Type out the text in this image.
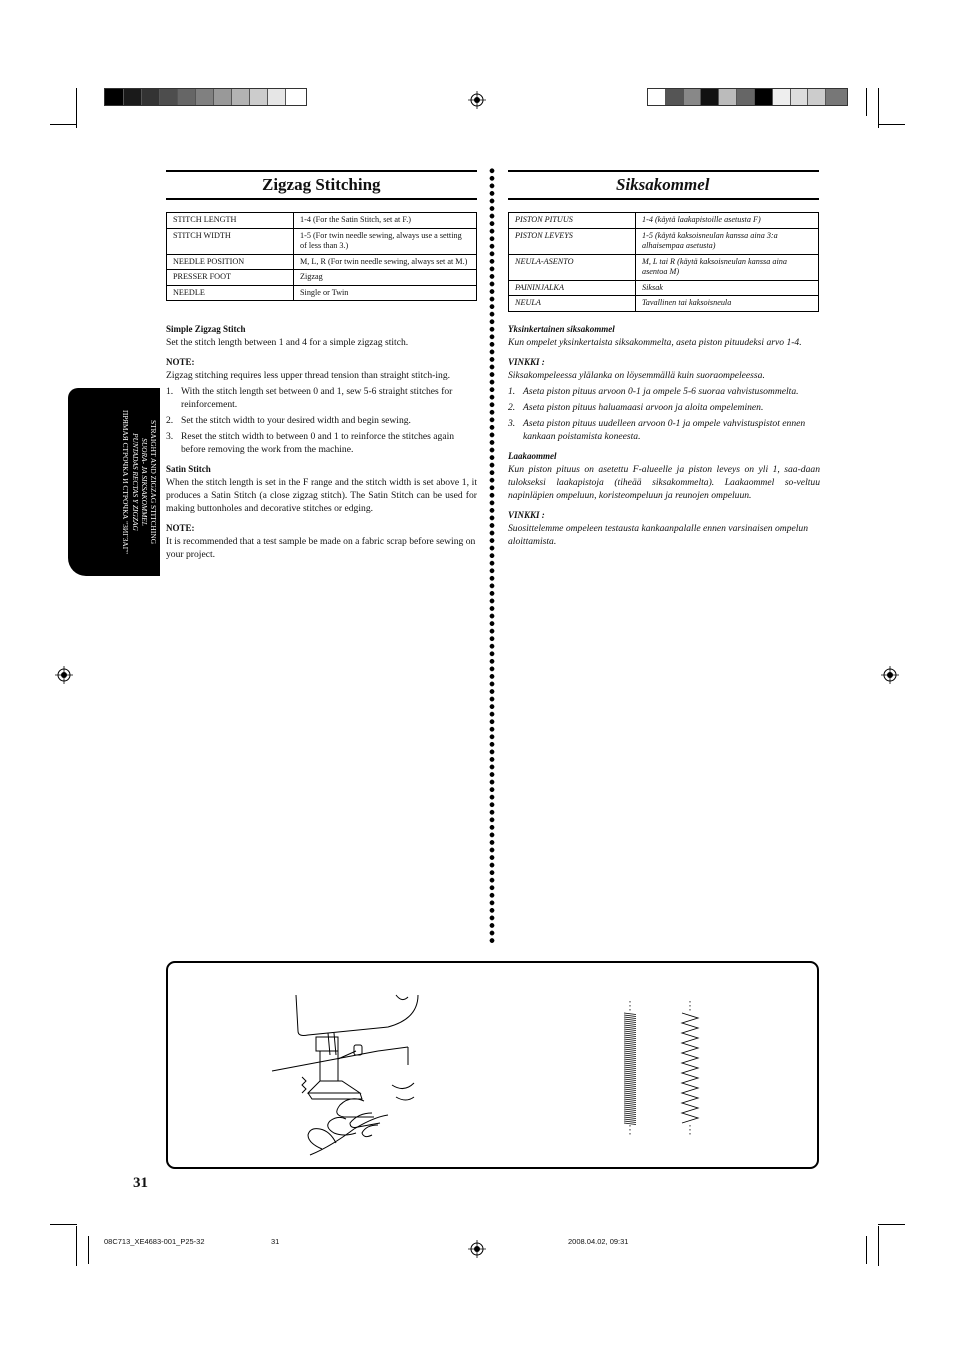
STRAIGHT AND ZIGZAG STITCHING
SUORA- JA SIKSAKOMMEL
PUNTADAS RECTAS Y ZIGZAG
ПРЯМАЯ СТРОЧКА И СТРОЧКА "ЗИГЗАГ"
Zigzag Stitching
STITCH LENGTH	1-4 (For the Satin Stitch, set at F.)
STITCH WIDTH	1-5 (For twin needle sewing, always use a setting of less than 3.)
NEEDLE POSITION	M, L, R (For twin needle sewing, always set at M.)
PRESSER FOOT	Zigzag
NEEDLE	Single or Twin

Simple Zigzag Stitch

Set the stitch length between 1 and 4 for a simple zigzag stitch.

NOTE:

Zigzag stitching requires less upper thread tension than straight stitch-ing.

1. With the stitch length set between 0 and 1, sew 5-6 straight stitches for reinforcement.
2. Set the stitch width to your desired width and begin sewing.
3. Reset the stitch width to between 0 and 1 to reinforce the stitches again before removing the work from the machine.

Satin Stitch

When the stitch length is set in the F range and the stitch width is set above 1, it produces a Satin Stitch (a close zigzag stitch). The Satin Stitch can be used for making buttonholes and decorative stitches or edging.

NOTE:

It is recommended that a test sample be made on a fabric scrap before sewing on your project.

Siksakommel
PISTON PITUUS	1-4 (käytä laakapistoille asetusta F)
PISTON LEVEYS	1-5 (käytä kaksoisneulan kanssa aina 3:a alhaisempaa asetusta)
NEULA-ASENTO	M, L tai R (käytä kaksoisneulan kanssa aina asentoa M)
PAININJALKA	Siksak
NEULA	Tavallinen tai kaksoisneula

Yksinkertainen siksakommel

Kun ompelet yksinkertaista siksakommelta, aseta piston pituudeksi arvo 1-4.

VINKKI :

Siksakompeleessa ylälanka on löysemmällä kuin suoraompeleessa.

1. Aseta piston pituus arvoon 0-1 ja ompele 5-6 suoraa vahvistusommelta.
2. Aseta piston pituus haluamaasi arvoon ja aloita ompeleminen.
3. Aseta piston pituus uudelleen arvoon 0-1 ja ompele vahvistuspistot ennen kankaan poistamista koneesta.

Laakaommel

Kun piston pituus on asetettu F-alueelle ja piston leveys on yli 1, saa-daan tulokseksi laakapistoja (tiheää siksakommelta). Laakaommel so-veltuu napinläpien ompeluun, koristeompeluun ja reunojen ompeluun.

VINKKI :

Suosittelemme ompeleen testausta kankaanpalalle ennen varsinaisen ompelun aloittamista.

31
08C713_XE4683-001_P25-32	31	2008.04.02, 09:31
